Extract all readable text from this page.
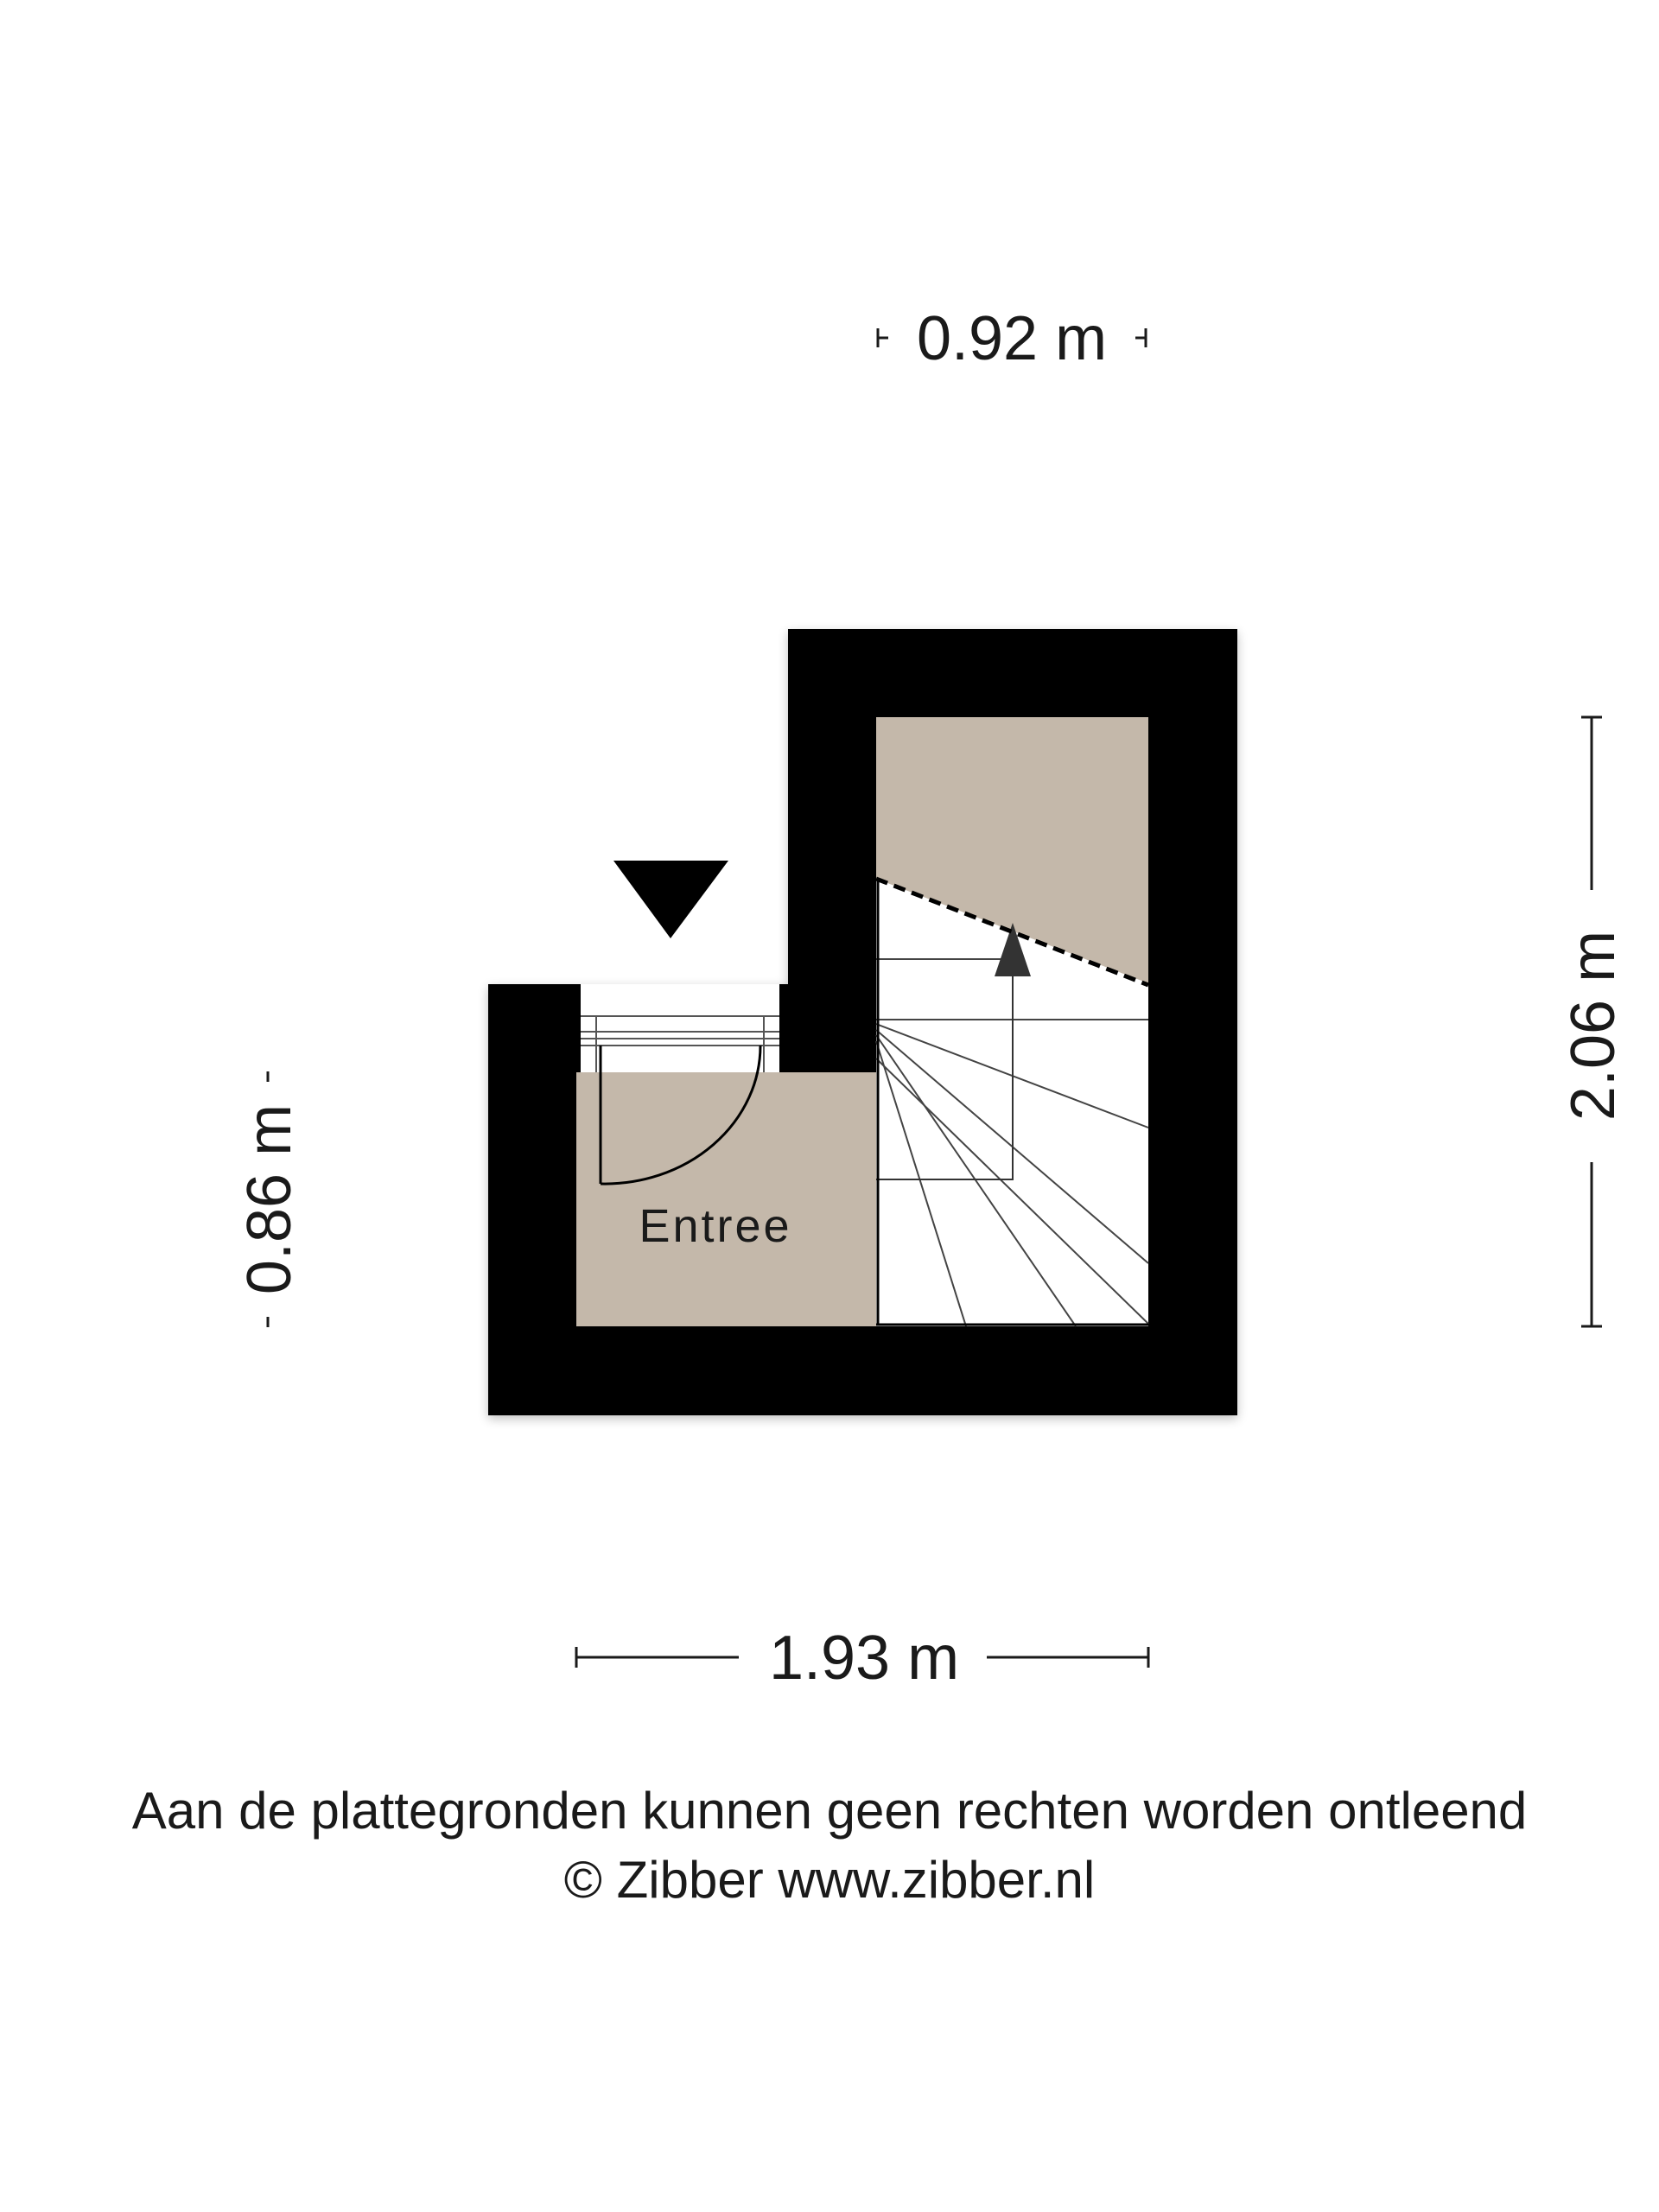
Entree
0.92 m
2.06 m
0.86 m
1.93 m
Aan de plattegronden kunnen geen rechten worden ontleend
© Zibber www.zibber.nl
